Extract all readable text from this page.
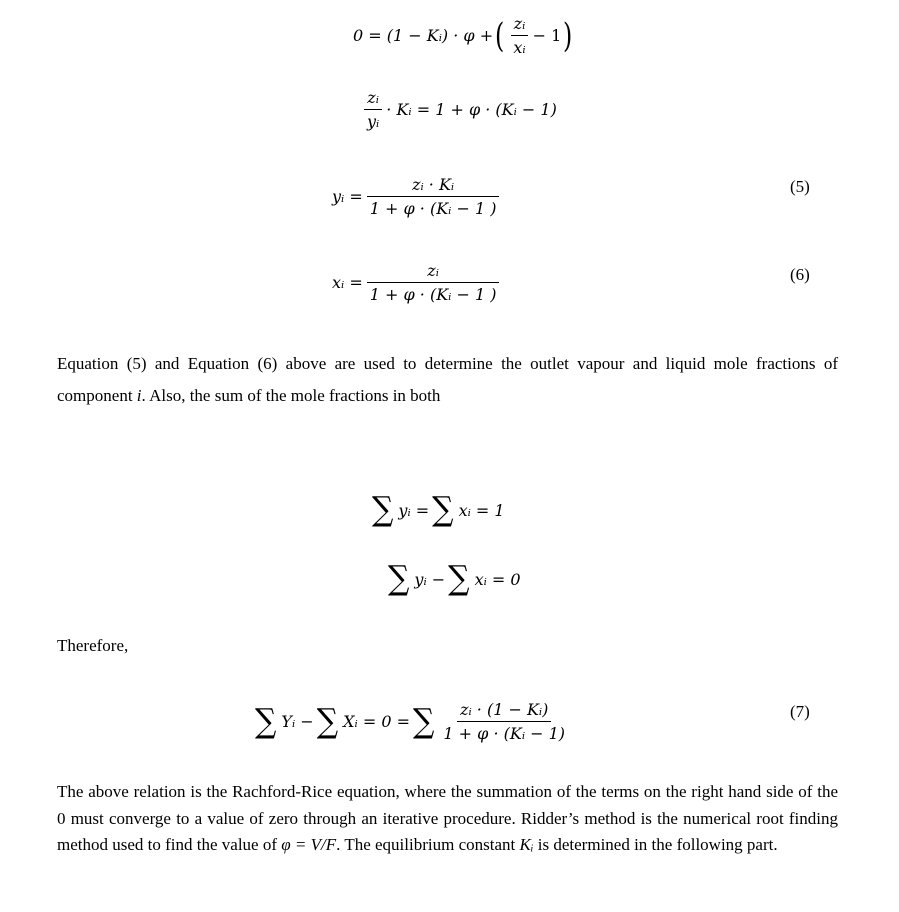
0 = (1 − Kᵢ) · φ + ( $\frac{\text{zᵢ}}{\text{xᵢ}} - 1$ )
$\frac{\text{zᵢ}}{\text{yᵢ}}$ · Kᵢ = 1 + φ · (Kᵢ − 1)
yᵢ = $\frac{\text{zᵢ · Kᵢ}}{\text{1 + φ · (Kᵢ − 1 )}}$	(5)
xᵢ = $\frac{\text{zᵢ}}{\text{1 + φ · (Kᵢ − 1 )}}$	(6)

Equation (5) and Equation (6) above are used to determine the outlet vapour and liquid mole fractions of component i. Also, the sum of the mole fractions in both

∑ yᵢ = ∑ xᵢ = 1
∑ yᵢ − ∑ xᵢ = 0
Therefore,
∑ Yᵢ − ∑ Xᵢ = 0 = ∑ $\frac{\text{zᵢ · (1 − Kᵢ)}}{\text{1 + φ · (Kᵢ − 1)}}$	(7)

The above relation is the Rachford-Rice equation, where the summation of the terms on the right hand side of the 0 must converge to a value of zero through an iterative procedure. Ridder’s method is the numerical root finding method used to find the value of φ = V/F. The equilibrium constant Kᵢ is determined in the following part.
